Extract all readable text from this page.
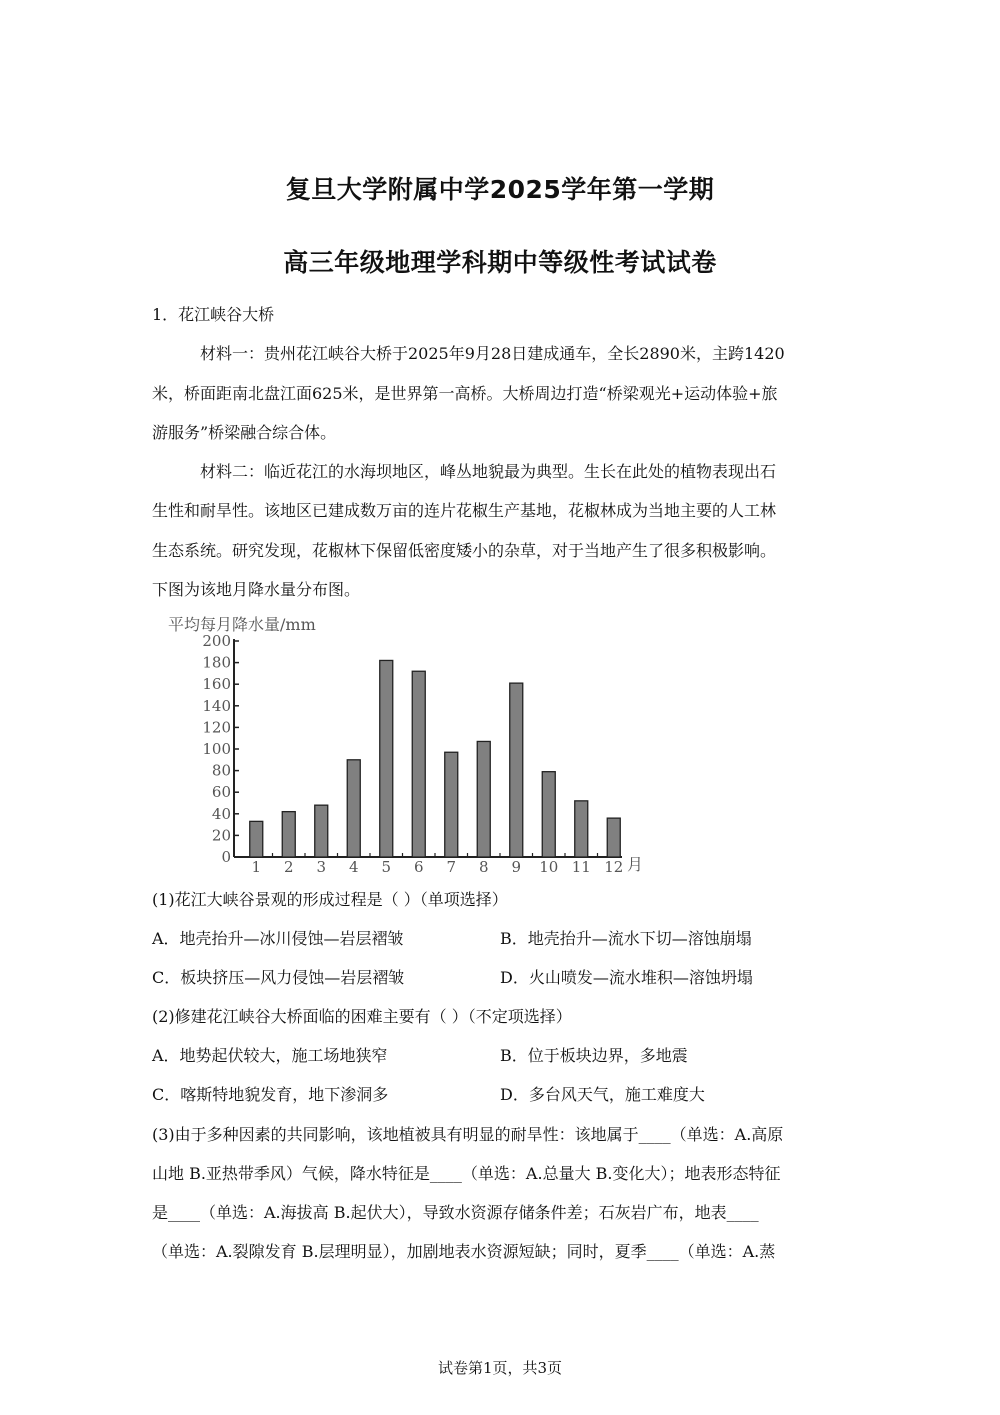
复旦大学附属中学2025学年第一学期
高三年级地理学科期中等级性考试试卷
1．花江峡谷大桥
材料一：贵州花江峡谷大桥于2025年9月28日建成通车，全长2890米，主跨1420
米，桥面距南北盘江面625米，是世界第一高桥。大桥周边打造“桥梁观光+运动体验+旅
游服务”桥梁融合综合体。
材料二：临近花江的水海坝地区，峰丛地貌最为典型。生长在此处的植物表现出石
生性和耐旱性。该地区已建成数万亩的连片花椒生产基地，花椒林成为当地主要的人工林
生态系统。研究发现，花椒林下保留低密度矮小的杂草，对于当地产生了很多积极影响。
下图为该地月降水量分布图。
平均每月降水量/mm
月
0
20
40
60
80
100
120
140
160
180
200
1 2 3 4 5 6 7 8 9 10 11 12
(1)花江大峡谷景观的形成过程是（ ）（单项选择）
A．地壳抬升—冰川侵蚀—岩层褶皱	B．地壳抬升—流水下切—溶蚀崩塌
C．板块挤压—风力侵蚀—岩层褶皱	D．火山喷发—流水堆积—溶蚀坍塌
(2)修建花江峡谷大桥面临的困难主要有（ ）（不定项选择）
A．地势起伏较大，施工场地狭窄	B．位于板块边界，多地震
C．喀斯特地貌发育，地下渗洞多	D．多台风天气，施工难度大
(3)由于多种因素的共同影响，该地植被具有明显的耐旱性：该地属于____（单选：A.高原
山地 B.亚热带季风）气候，降水特征是____（单选：A.总量大 B.变化大）；地表形态特征
是____（单选：A.海拔高 B.起伏大），导致水资源存储条件差；石灰岩广布，地表____
（单选：A.裂隙发育 B.层理明显），加剧地表水资源短缺；同时，夏季____（单选：A.蒸
试卷第1页，共3页
